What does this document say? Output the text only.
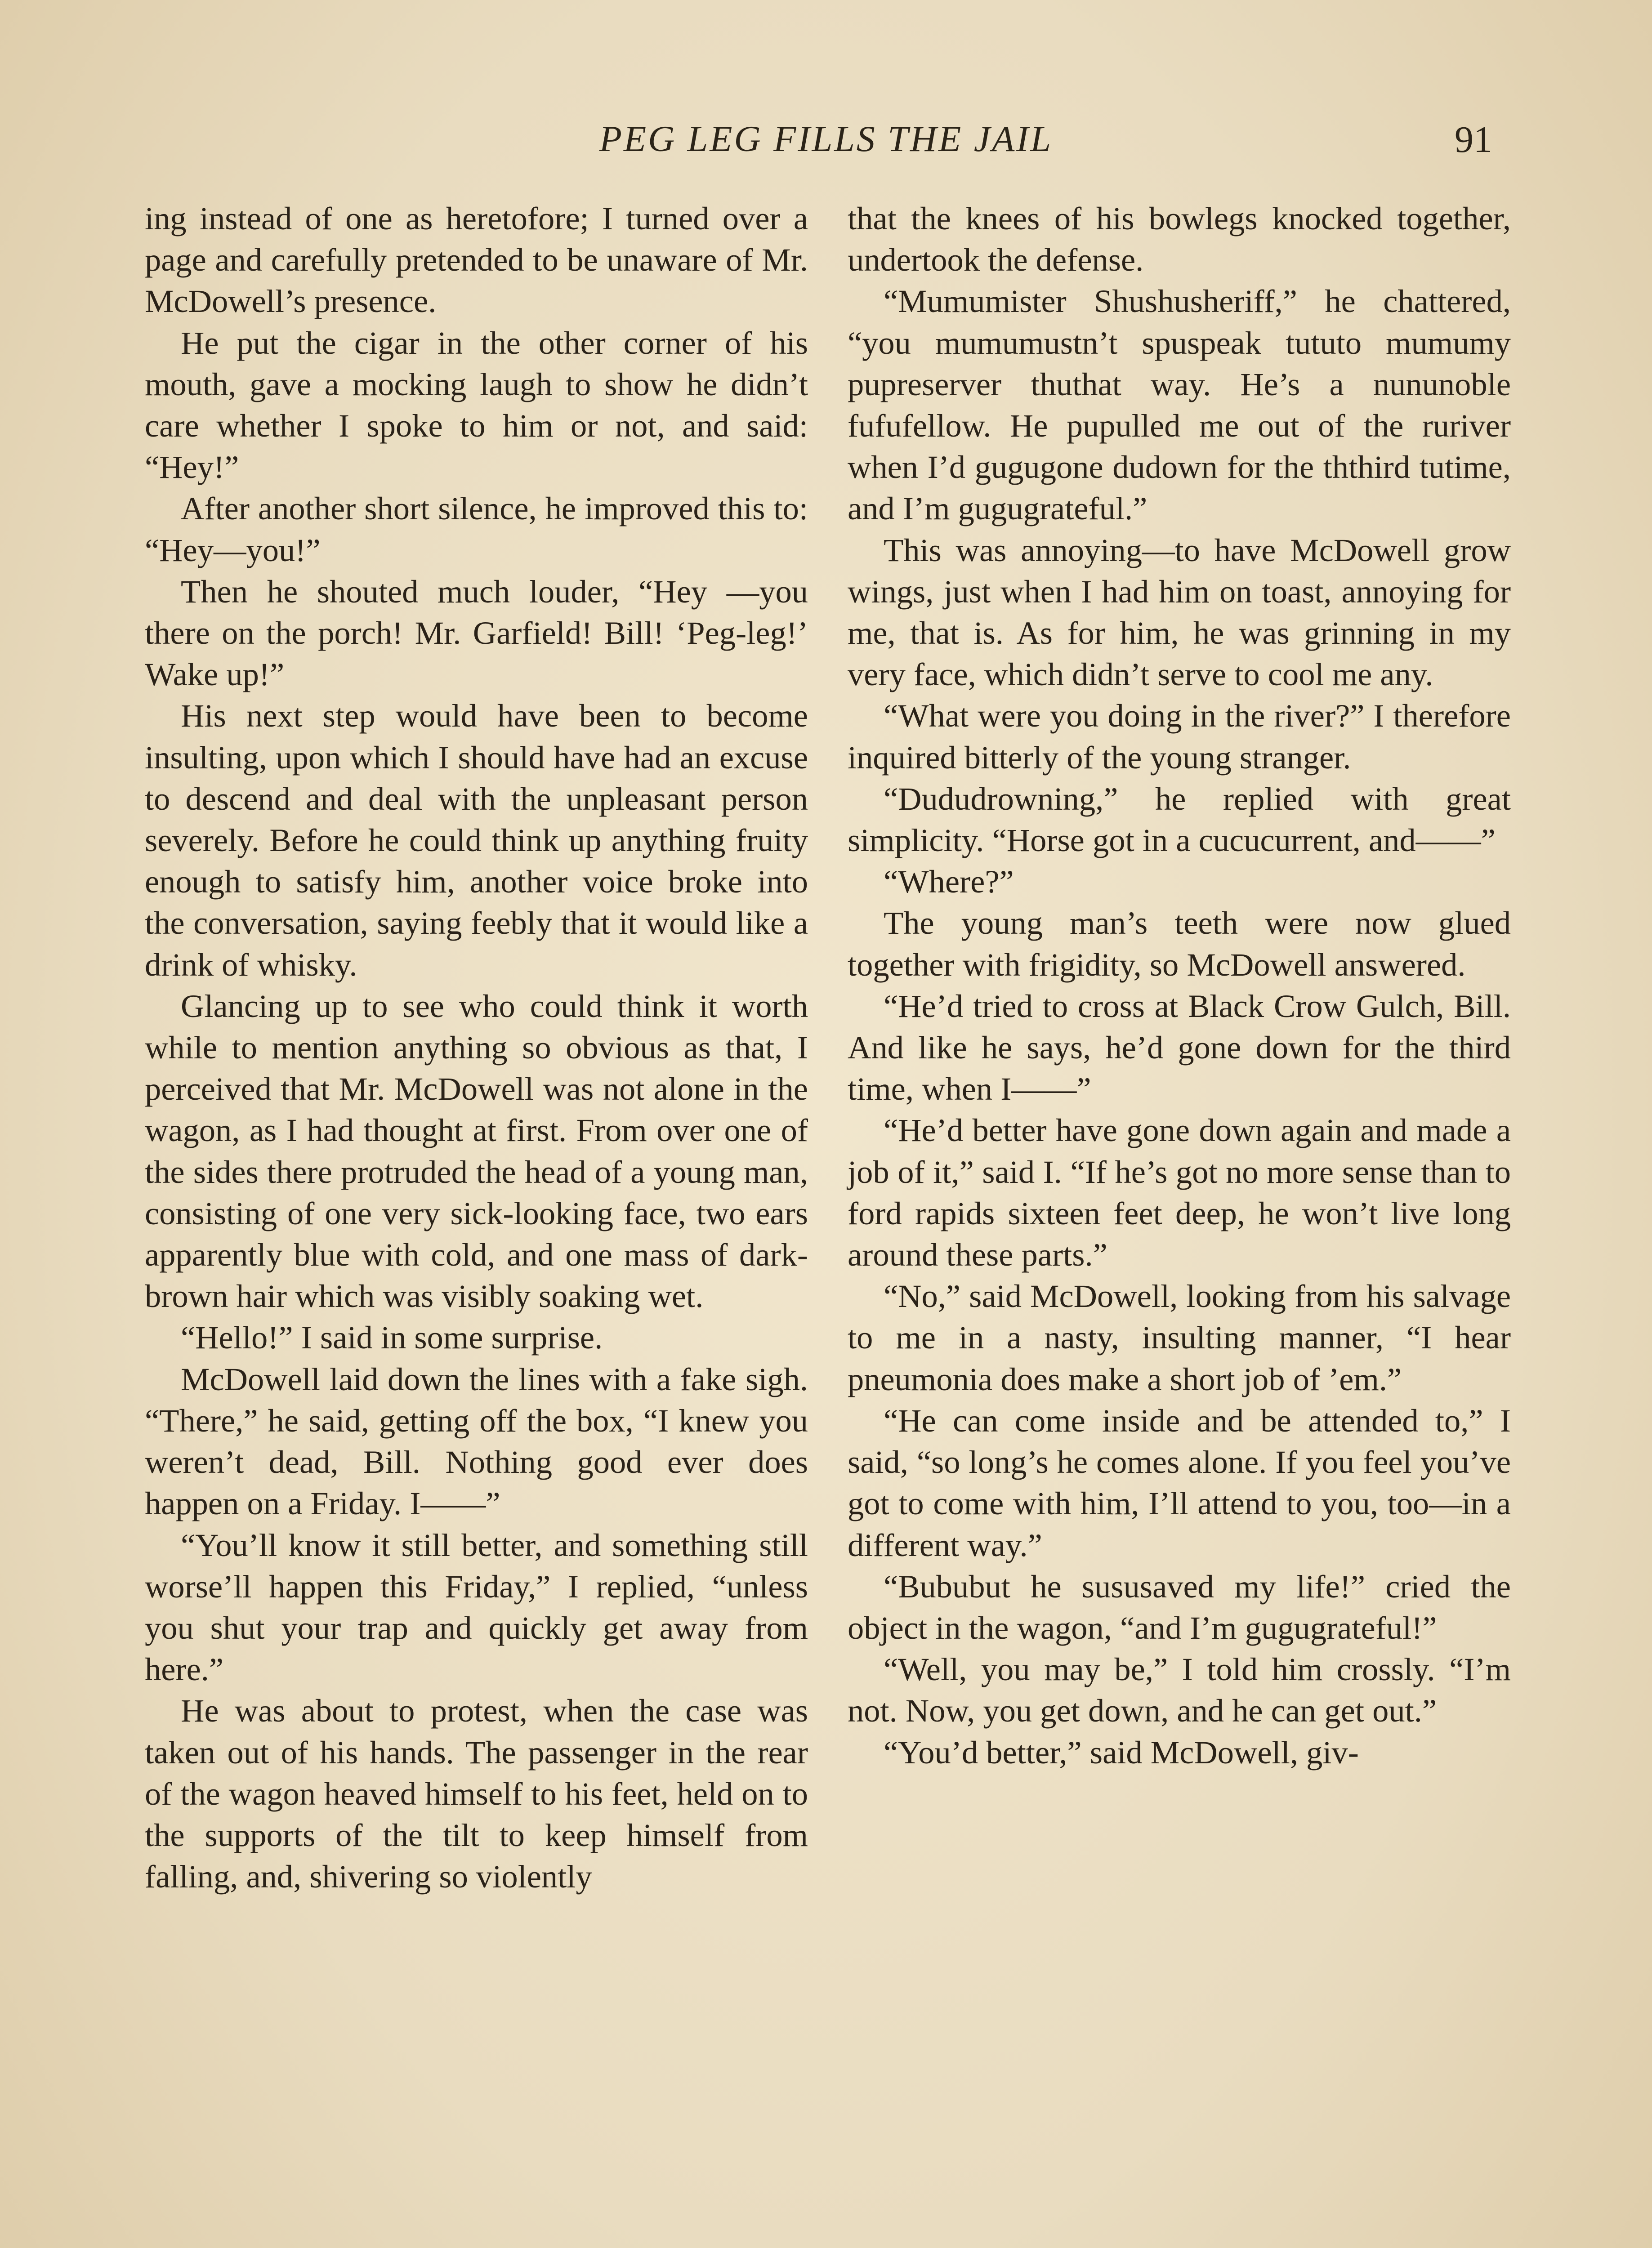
PEG LEG FILLS THE JAIL	91

ing instead of one as heretofore; I turned over a page and carefully pretended to be unaware of Mr. McDowell’s presence.

He put the cigar in the other corner of his mouth, gave a mocking laugh to show he didn’t care whether I spoke to him or not, and said: “Hey!”

After another short silence, he improved this to: “Hey—you!”

Then he shouted much louder, “Hey —you there on the porch! Mr. Garfield! Bill! ‘Peg-leg!’ Wake up!”

His next step would have been to become insulting, upon which I should have had an excuse to descend and deal with the unpleasant person severely. Before he could think up anything fruity enough to satisfy him, another voice broke into the conversation, saying feebly that it would like a drink of whisky.

Glancing up to see who could think it worth while to mention anything so obvious as that, I perceived that Mr. McDowell was not alone in the wagon, as I had thought at first. From over one of the sides there protruded the head of a young man, consisting of one very sick-looking face, two ears apparently blue with cold, and one mass of dark-brown hair which was visibly soaking wet.

“Hello!” I said in some surprise.

McDowell laid down the lines with a fake sigh. “There,” he said, getting off the box, “I knew you weren’t dead, Bill. Nothing good ever does happen on a Friday. I——”

“You’ll know it still better, and something still worse’ll happen this Friday,” I replied, “unless you shut your trap and quickly get away from here.”

He was about to protest, when the case was taken out of his hands. The passenger in the rear of the wagon heaved himself to his feet, held on to the supports of the tilt to keep himself from falling, and, shivering so violently

that the knees of his bowlegs knocked together, undertook the defense.

“Mumumister Shushusheriff,” he chattered, “you mumumustn’t spuspeak tututo mumumy pupreserver thuthat way. He’s a nununoble fufufellow. He pupulled me out of the ruriver when I’d gugugone dudown for the ththird tutime, and I’m gugugrateful.”

This was annoying—to have McDowell grow wings, just when I had him on toast, annoying for me, that is. As for him, he was grinning in my very face, which didn’t serve to cool me any.

“What were you doing in the river?” I therefore inquired bitterly of the young stranger.

“Dududrowning,” he replied with great simplicity. “Horse got in a cucucurrent, and——”

“Where?”

The young man’s teeth were now glued together with frigidity, so McDowell answered.

“He’d tried to cross at Black Crow Gulch, Bill. And like he says, he’d gone down for the third time, when I——”

“He’d better have gone down again and made a job of it,” said I. “If he’s got no more sense than to ford rapids sixteen feet deep, he won’t live long around these parts.”

“No,” said McDowell, looking from his salvage to me in a nasty, insulting manner, “I hear pneumonia does make a short job of ’em.”

“He can come inside and be attended to,” I said, “so long’s he comes alone. If you feel you’ve got to come with him, I’ll attend to you, too—in a different way.”

“Bububut he sususaved my life!” cried the object in the wagon, “and I’m gugugrateful!”

“Well, you may be,” I told him crossly. “I’m not. Now, you get down, and he can get out.”

“You’d better,” said McDowell, giv-
